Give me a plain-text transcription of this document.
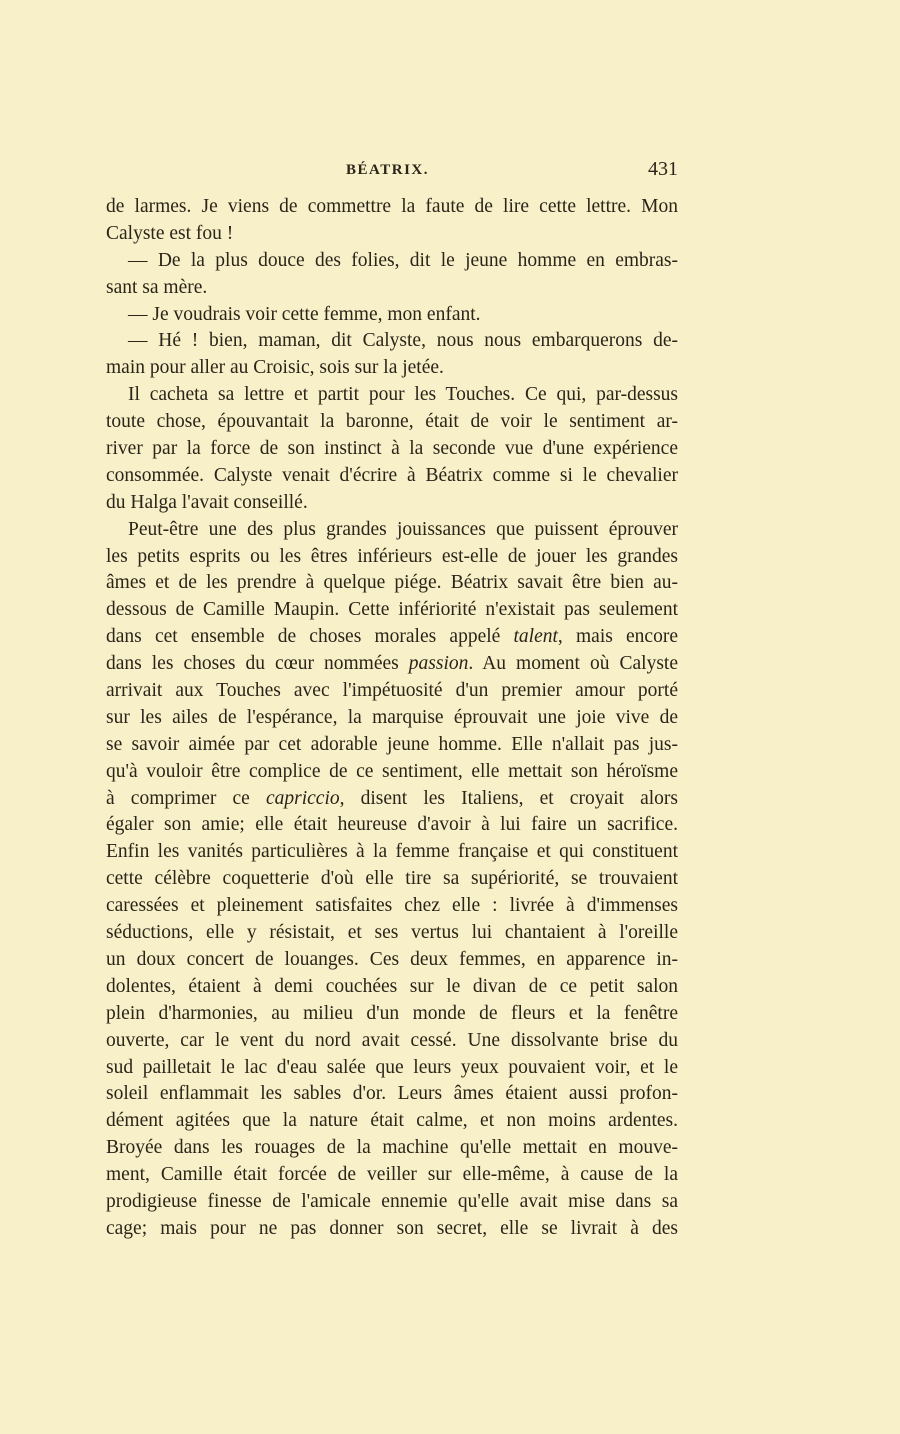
BÉATRIX.	431
de larmes. Je viens de commettre la faute de lire cette lettre. Mon
Calyste est fou !
— De la plus douce des folies, dit le jeune homme en embras-
sant sa mère.
— Je voudrais voir cette femme, mon enfant.
— Hé ! bien, maman, dit Calyste, nous nous embarquerons de-
main pour aller au Croisic, sois sur la jetée.
Il cacheta sa lettre et partit pour les Touches. Ce qui, par-dessus
toute chose, épouvantait la baronne, était de voir le sentiment ar-
river par la force de son instinct à la seconde vue d'une expérience
consommée. Calyste venait d'écrire à Béatrix comme si le chevalier
du Halga l'avait conseillé.
Peut-être une des plus grandes jouissances que puissent éprouver
les petits esprits ou les êtres inférieurs est-elle de jouer les grandes
âmes et de les prendre à quelque piége. Béatrix savait être bien au-
dessous de Camille Maupin. Cette infériorité n'existait pas seulement
dans cet ensemble de choses morales appelé talent, mais encore
dans les choses du cœur nommées passion. Au moment où Calyste
arrivait aux Touches avec l'impétuosité d'un premier amour porté
sur les ailes de l'espérance, la marquise éprouvait une joie vive de
se savoir aimée par cet adorable jeune homme. Elle n'allait pas jus-
qu'à vouloir être complice de ce sentiment, elle mettait son héroïsme
à comprimer ce capriccio, disent les Italiens, et croyait alors
égaler son amie; elle était heureuse d'avoir à lui faire un sacrifice.
Enfin les vanités particulières à la femme française et qui constituent
cette célèbre coquetterie d'où elle tire sa supériorité, se trouvaient
caressées et pleinement satisfaites chez elle : livrée à d'immenses
séductions, elle y résistait, et ses vertus lui chantaient à l'oreille
un doux concert de louanges. Ces deux femmes, en apparence in-
dolentes, étaient à demi couchées sur le divan de ce petit salon
plein d'harmonies, au milieu d'un monde de fleurs et la fenêtre
ouverte, car le vent du nord avait cessé. Une dissolvante brise du
sud pailletait le lac d'eau salée que leurs yeux pouvaient voir, et le
soleil enflammait les sables d'or. Leurs âmes étaient aussi profon-
dément agitées que la nature était calme, et non moins ardentes.
Broyée dans les rouages de la machine qu'elle mettait en mouve-
ment, Camille était forcée de veiller sur elle-même, à cause de la
prodigieuse finesse de l'amicale ennemie qu'elle avait mise dans sa
cage; mais pour ne pas donner son secret, elle se livrait à des
